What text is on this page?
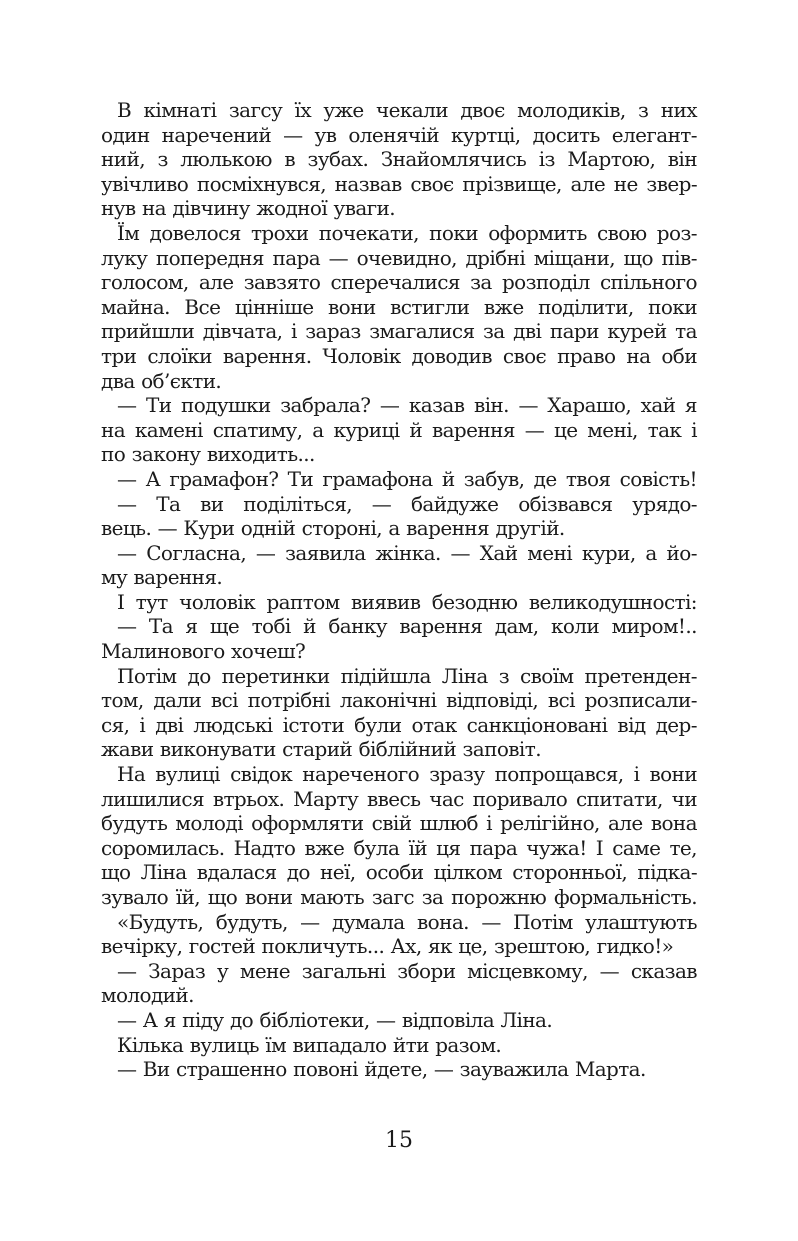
В кімнаті загсу їх уже чекали двоє молодиків, з них
один наречений — ув оленячій куртці, досить елегант-
ний, з люлькою в зубах. Знайомлячись із Мартою, він
увічливо посміхнувся, назвав своє прізвище, але не звер-
нув на дівчину жодної уваги.
Їм довелося трохи почекати, поки оформить свою роз-
луку попередня пара — очевидно, дрібні міщани, що пів-
голосом, але завзято сперечалися за розподіл спільного
майна. Все цінніше вони встигли вже поділити, поки
прийшли дівчата, і зараз змагалися за дві пари курей та
три слоїки варення. Чоловік доводив своє право на оби
два об’єкти.
— Ти подушки забрала? — казав він. — Харашо, хай я
на камені спатиму, а куриці й варення — це мені, так і
по закону виходить...
— А грамафон? Ти грамафона й забув, де твоя совість!
— Та ви поділіться, — байдуже обізвався урядо-
вець. — Кури одній стороні, а варення другій.
— Согласна, — заявила жінка. — Хай мені кури, а йо-
му варення.
І тут чоловік раптом виявив безодню великодушності:
— Та я ще тобі й банку варення дам, коли миром!..
Малинового хочеш?
Потім до перетинки підійшла Ліна з своїм претенден-
том, дали всі потрібні лаконічні відповіді, всі розписали-
ся, і дві людські істоти були отак санкціоновані від дер-
жави виконувати старий біблійний заповіт.
На вулиці свідок нареченого зразу попрощався, і вони
лишилися втрьох. Марту ввесь час поривало спитати, чи
будуть молоді оформляти свій шлюб і релігійно, але вона
соромилась. Надто вже була їй ця пара чужа! І саме те,
що Ліна вдалася до неї, особи цілком сторонньої, підка-
зувало їй, що вони мають загс за порожню формальність.
«Будуть, будуть, — думала вона. — Потім улаштують
вечірку, гостей покличуть... Ах, як це, зрештою, гидко!»
— Зараз у мене загальні збори місцевкому, — сказав
молодий.
— А я піду до бібліотеки, — відповіла Ліна.
Кілька вулиць їм випадало йти разом.
— Ви страшенно повоні йдете, — зауважила Марта.
15
